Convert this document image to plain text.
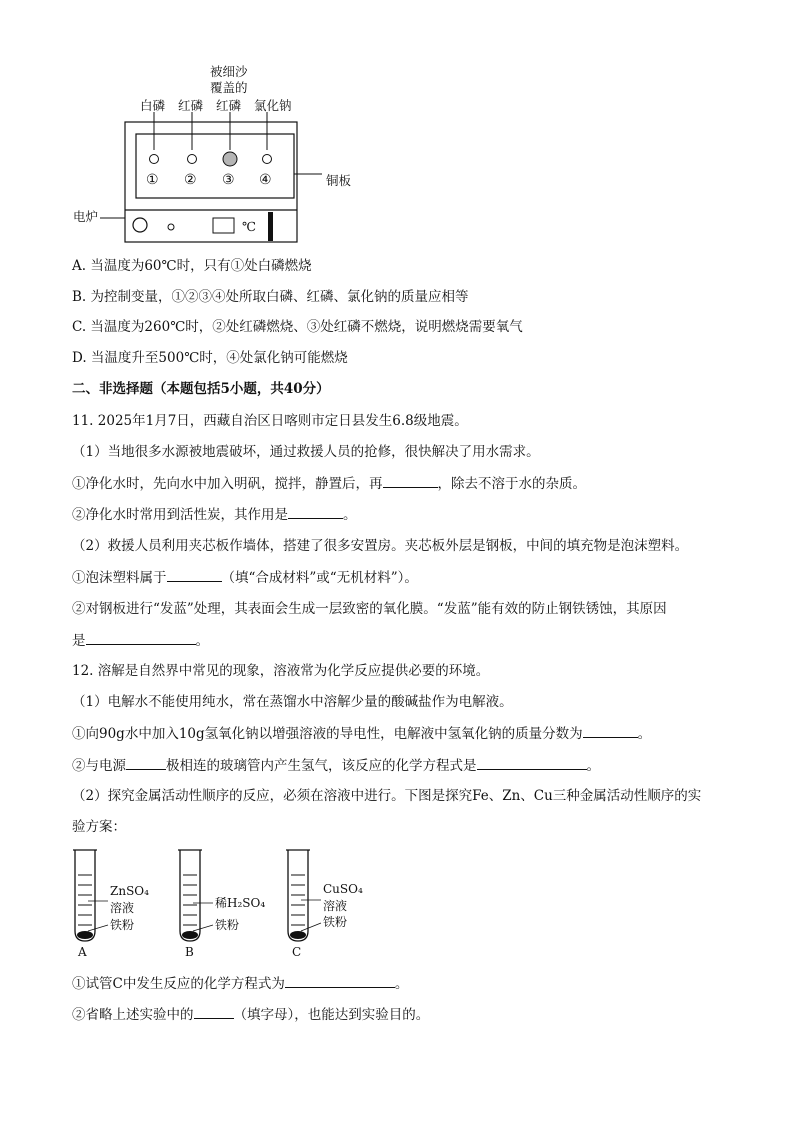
被细沙
覆盖的
白磷 红磷 红磷 氯化钠
① ② ③ ④	铜板
电炉
℃
A. 当温度为60℃时，只有①处白磷燃烧
B. 为控制变量，①②③④处所取白磷、红磷、氯化钠的质量应相等
C. 当温度为260℃时，②处红磷燃烧、③处红磷不燃烧，说明燃烧需要氧气
D. 当温度升至500℃时，④处氯化钠可能燃烧
二、非选择题（本题包括5小题，共40分）
11. 2025年1月7日，西藏自治区日喀则市定日县发生6.8级地震。
（1）当地很多水源被地震破坏，通过救援人员的抢修，很快解决了用水需求。
①净化水时，先向水中加入明矾，搅拌，静置后，再	，除去不溶于水的杂质。
②净化水时常用到活性炭，其作用是	。
（2）救援人员利用夹芯板作墙体，搭建了很多安置房。夹芯板外层是钢板，中间的填充物是泡沫塑料。
①泡沫塑料属于	（填“合成材料”或“无机材料”）。
②对钢板进行“发蓝”处理，其表面会生成一层致密的氧化膜。“发蓝”能有效的防止钢铁锈蚀，其原因
是	。
12. 溶解是自然界中常见的现象，溶液常为化学反应提供必要的环境。
（1）电解水不能使用纯水，常在蒸馏水中溶解少量的酸碱盐作为电解液。
①向90g水中加入10g氢氧化钠以增强溶液的导电性，电解液中氢氧化钠的质量分数为	。
②与电源	极相连的玻璃管内产生氢气，该反应的化学方程式是	。
（2）探究金属活动性顺序的反应，必须在溶液中进行。下图是探究Fe、Zn、Cu三种金属活动性顺序的实
验方案：
ZnSO₄
溶液
铁粉
A
稀H₂SO₄
铁粉
B
CuSO₄
溶液
铁粉
C
①试管C中发生反应的化学方程式为	。
②省略上述实验中的	（填字母），也能达到实验目的。
